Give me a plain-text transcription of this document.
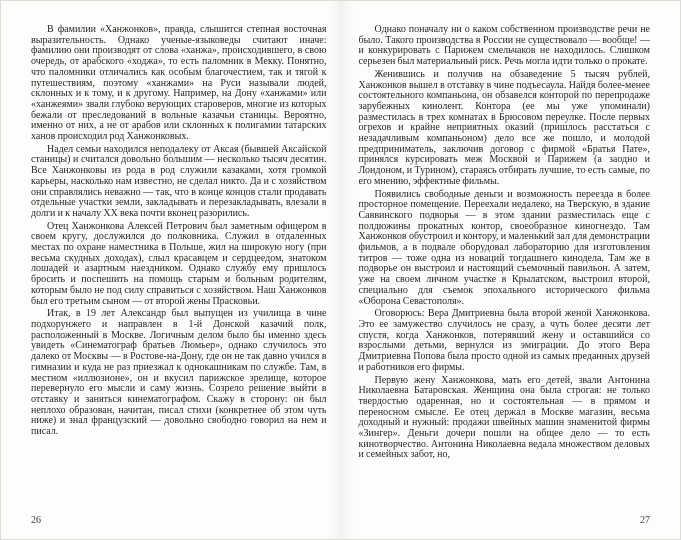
В фамилии «Ханжонков», правда, слышится степная восточная выразительность. Однако ученые-языковеды считают иначе: фамилию они производят от слова «ханжа», происходившего, в свою очередь, от арабского «ходжа», то есть паломник в Мекку. Понятно, что паломники отличались как особым благочестием, так и тягой к путешествиям, поэтому «ханжами» на Руси называли людей, склонных и к тому, и к другому. Например, на Дону «ханжами» или «ханжеями» звали глубоко верующих староверов, многие из которых бежали от преследований в вольные казачьи станицы. Вероятно, именно от них, а не от арабов или склонных к полигамии татарских ханов происходил род Ханжонковых.

Надел семьи находился неподалеку от Аксая (бывшей Аксайской станицы) и считался довольно большим — несколько тысяч десятин. Все Ханжонковы из рода в род служили казаками, хотя громкой карьеры, насколько нам известно, не сделал никто. Да и с хозяйством они справлялись неважно — так, что в конце концов стали продавать отдельные участки земли, закладывать и перезакладывать, влезали в долги и к началу XX века почти вконец разорились.

Отец Ханжонкова Алексей Петрович был заметным офицером в своем кругу, дослужился до полковника. Служил в отдаленных местах по охране наместника в Польше, жил на широкую ногу (при весьма скудных доходах), слыл красавцем и сердцеедом, знатоком лошадей и азартным наездником. Однако службу ему пришлось бросить и поспешить на помощь старым и больным родителям, которым было не под силу справиться с хозяйством. Наш Ханжонков был его третьим сыном — от второй жены Прасковьи.

Итак, в 19 лет Александр был выпущен из училища в чине подхорунжего и направлен в 1-й Донской казачий полк, расположенный в Москве. Логичным делом было бы именно здесь увидеть «Синематограф братьев Люмьер», однако случилось это далеко от Москвы — в Ростове-на-Дону, где он не так давно учился в гимназии и куда не раз приезжал к однокашникам по службе. Там, в местном «иллюзионе», он и вкусил парижское зрелище, которое перевернуло его мысли и саму жизнь. Созрело решение выйти в отставку и заняться кинематографом. Скажу в сторону: он был неплохо образован, начитан, писал стихи (конкретнее об этом чуть ниже) и знал французский — довольно свободно говорил на нем и писал.

26

Однако поначалу ни о каком собственном производстве речи не было. Такого производства в России не существовало — вообще! — и конкурировать с Парижем смельчаков не находилось. Слишком серьезен был материальный риск. Речь могла идти только о прокате.

Женившись и получив на обзаведение 5 тысяч рублей, Ханжонков вышел в отставку в чине подъесаула. Найдя более-менее состоятельного компаньона, он обзавелся конторой по перепродаже зарубежных кинолент. Контора (ее мы уже упоминали) разместилась в трех комнатах в Брюсовом переулке. После первых огрехов и крайне неприятных оказий (пришлось расстаться с незадачливым компаньоном) дело все же пошло, и молодой предприниматель, заключив договор с фирмой «Братья Пате», принялся курсировать меж Москвой и Парижем (а заодно и Лондоном, и Турином), стараясь отбирать лучшие, то есть самые, по его мнению, эффектные фильмы.

Появились свободные деньги и возможность переезда в более просторное помещение. Переехали недалеко, на Тверскую, в здание Саввинского подворья — в этом здании разместилась еще с полдюжины прокатных контор, своеобразное киногнездо. Там Ханжонков обустроил и контору, и маленький зал для демонстрации фильмов, а в подвале оборудовал лабораторию для изготовления титров — тоже одна из новаций тогдашнего кинодела. Там же в подворье он выстроил и настоящий съемочный павильон. А затем, уже на своем личном участке в Крылатском, выстроил второй, специально для съемок эпохального исторического фильма «Оборона Севастополя».

Оговорюсь: Вера Дмитриевна была второй женой Ханжонкова. Это ее замужество случилось не сразу, а чуть более десяти лет спустя, когда Ханжонков, потерявший жену и оставшийся со взрослыми детьми, вернулся из эмиграции. До этого Вера Дмитриевна Попова была просто одной из самых преданных друзей и работников его фирмы.

Первую жену Ханжонкова, мать его детей, звали Антонина Николаевна Батаровская. Женщина она была строгая: не только твердостью одаренная, но и состоятельная — в прямом и переносном смысле. Ее отец держал в Москве магазин, весьма доходный и нужный: продажи швейных машин знаменитой фирмы «Зингер». Деньги дочери пошли на общее дело — то есть кинотворчество. Антонина Николаевна ведала множеством деловых и семейных забот, но,

27
